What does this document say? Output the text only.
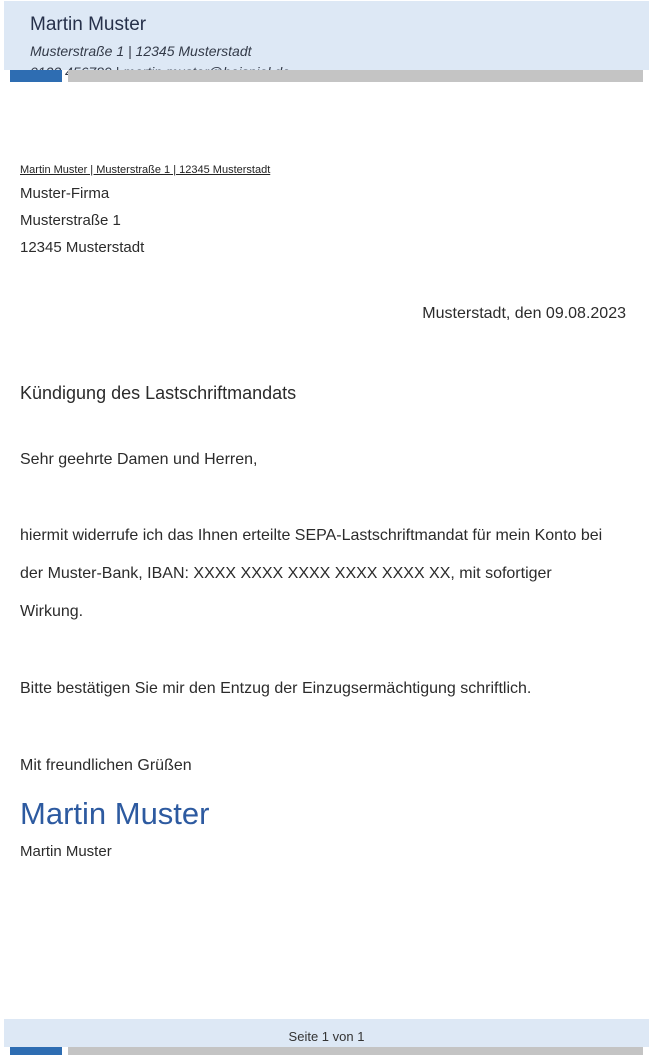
Martin Muster
Musterstraße 1 | 12345 Musterstadt
Martin Muster | Musterstraße 1 | 12345 Musterstadt
Muster-Firma
Musterstraße 1
12345 Musterstadt
Musterstadt, den 09.08.2023
Kündigung des Lastschriftmandats
Sehr geehrte Damen und Herren,
hiermit widerrufe ich das Ihnen erteilte SEPA-Lastschriftmandat für mein Konto bei
der Muster-Bank, IBAN: XXXX XXXX XXXX XXXX XXXX XX, mit sofortiger
Wirkung.
Bitte bestätigen Sie mir den Entzug der Einzugsermächtigung schriftlich.
Mit freundlichen Grüßen
Martin Muster
Martin Muster
Seite 1 von 1
